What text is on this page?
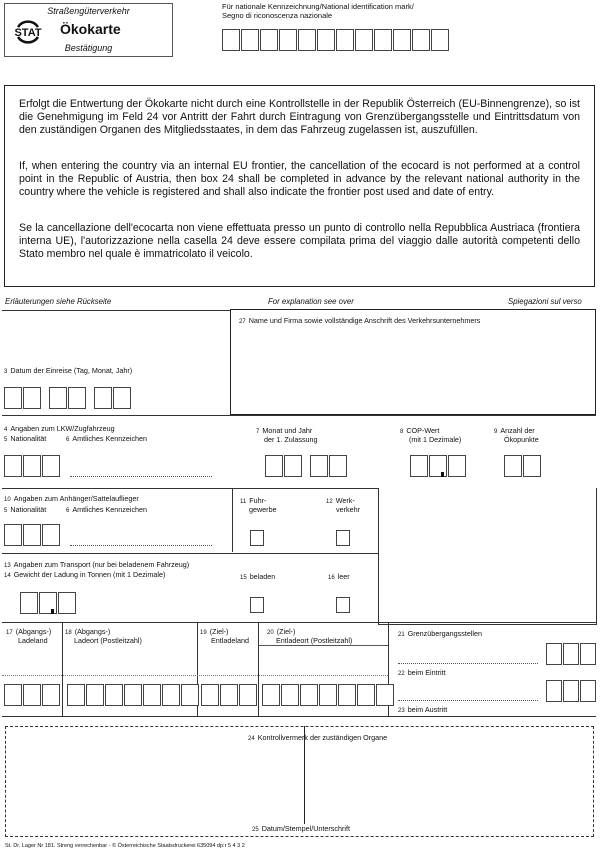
Straßengüterverkehr
STAT Ökokarte
Bestätigung
Für nationale Kennzeichnung/National identification mark/
Segno di riconoscenza nazionale

Erfolgt die Entwertung der Ökokarte nicht durch eine Kontrollstelle in der Republik Österreich (EU-Binnengrenze), so ist die Genehmigung im Feld 24 vor Antritt der Fahrt durch Eintragung von Grenzübergangsstelle und Eintrittsdatum von den zuständigen Organen des Mitgliedsstaates, in dem das Fahrzeug zugelassen ist, auszufüllen.

If, when entering the country via an internal EU frontier, the cancellation of the ecocard is not performed at a control point in the Republic of Austria, then box 24 shall be completed in advance by the relevant national authority in the country where the vehicle is registered and shall also indicate the frontier post used and date of entry.

Se la cancellazione dell'ecocarta non viene effettuata presso un punto di controllo nella Repubblica Austriaca (frontiera interna UE), l'autorizzazione nella casella 24 deve essere compilata prima del viaggio dalle autorità competenti dello Stato membro nel quale è immatricolato il veicolo.

Erläuterungen siehe Rückseite	For explanation see over	Spiegazioni sul verso
3 Datum der Einreise (Tag, Monat, Jahr)

27 Name und Firma sowie vollständige Anschrift des Verkehrsunternehmers
4 Angaben zum LKW/Zugfahrzeug
5 Nationalität	6 Amtliches Kennzeichen
7 Monat und Jahr
der 1. Zulassung

8 COP-Wert
(mit 1 Dezimale)
9 Anzahl der
Ökopunkte
10 Angaben zum Anhänger/Sattelauflieger
5 Nationalität	6 Amtliches Kennzeichen
11 Fuhr-
gewerbe
12 Werk-
verkehr
13 Angaben zum Transport (nur bei beladenem Fahrzeug)
14 Gewicht der Ladung in Tonnen (mit 1 Dezimale)	15 beladen	16 leer
17 (Abgangs-)
Ladeland
18 (Abgangs-)
Ladeort (Postleitzahl)
19 (Ziel-)
Entladeland
20 (Ziel-)
Entladeort (Postleitzahl)
21 Grenzübergangsstellen
22 beim Eintritt
23 beim Austritt
24 Kontrollvermerk der zuständigen Organe
25 Datum/Stempel/Unterschrift
St. Dr. Lager Nr 181. Streng verrechenbar - © Österreichische Staatsdruckerei 635094 dp:r 5 4 3 2
